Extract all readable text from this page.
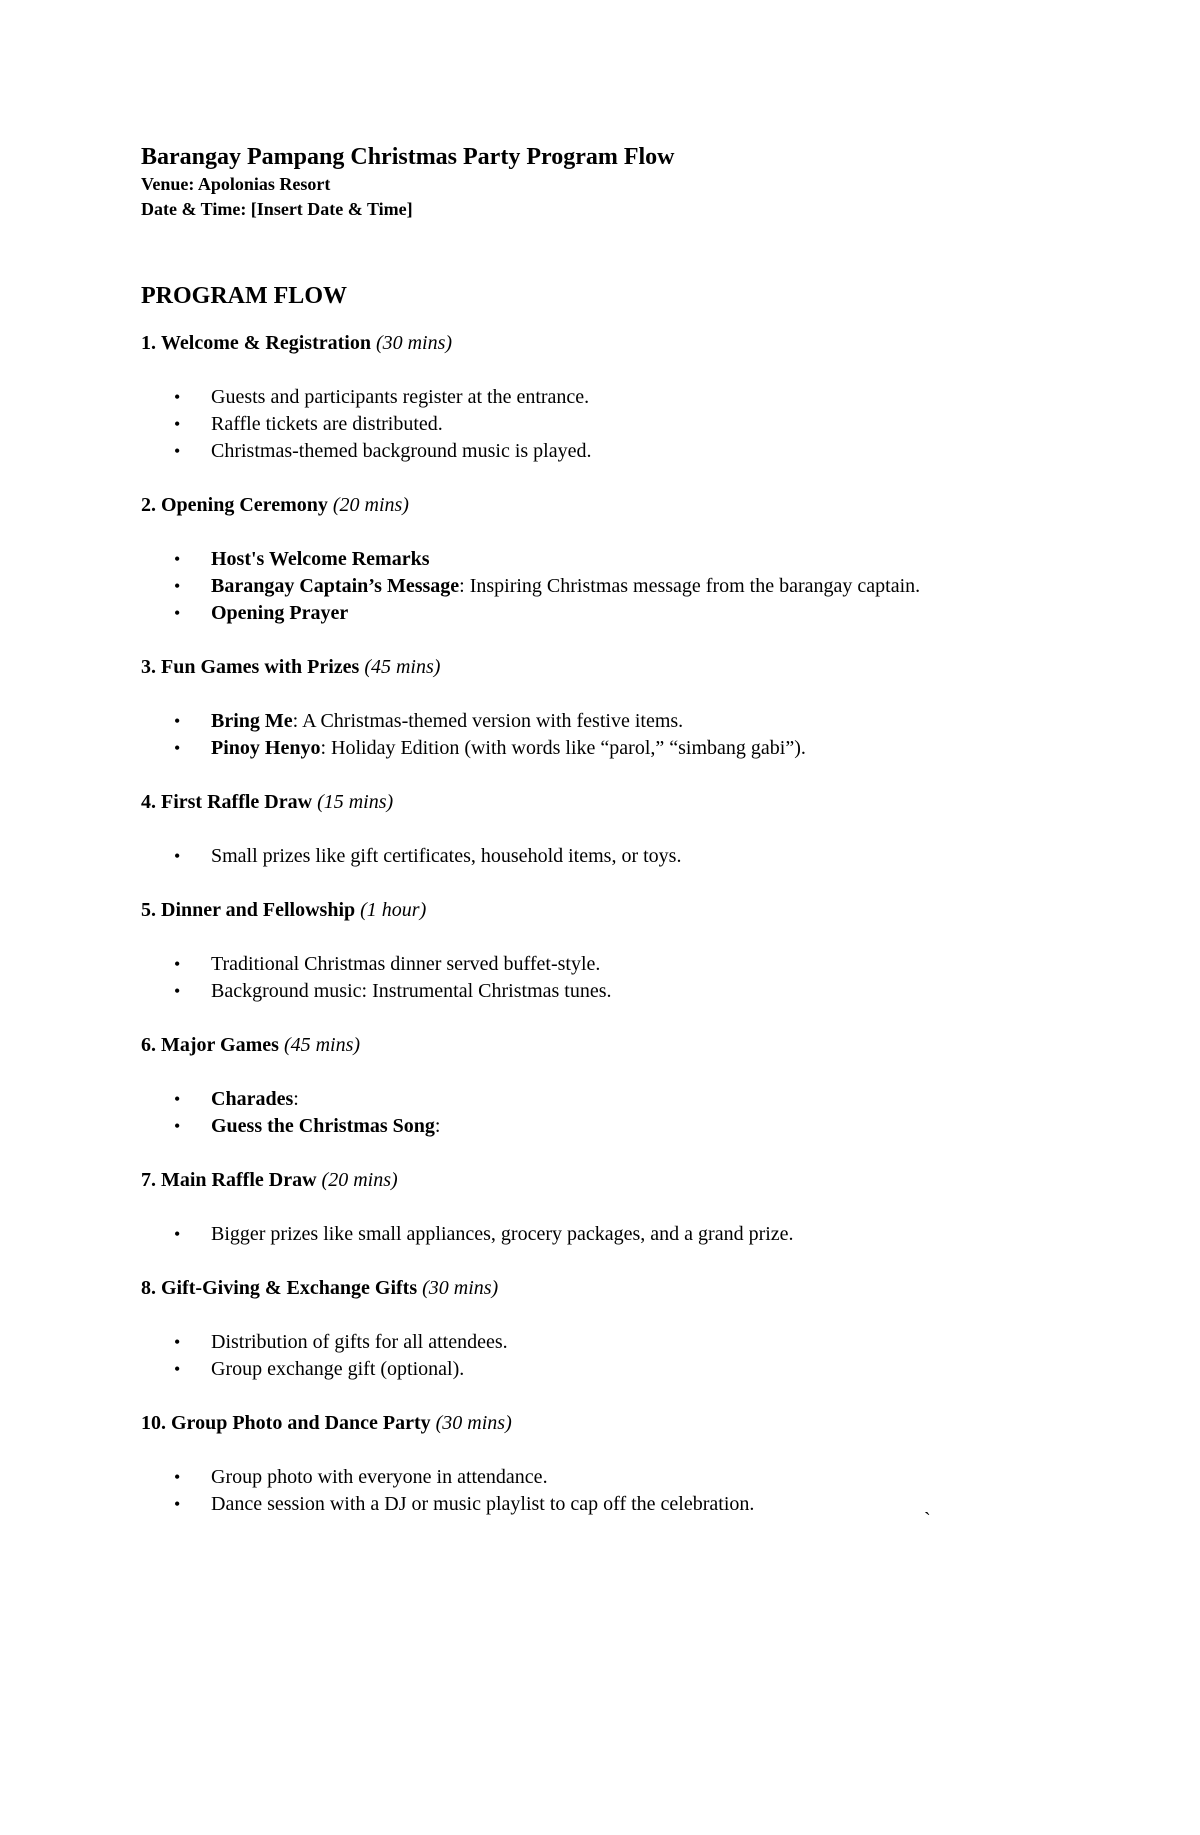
Barangay Pampang Christmas Party Program Flow

Venue: Apolonias Resort

Date & Time: [Insert Date & Time]

PROGRAM FLOW

1. Welcome & Registration (30 mins)

• Guests and participants register at the entrance.
• Raffle tickets are distributed.
• Christmas-themed background music is played.

2. Opening Ceremony (20 mins)

• Host's Welcome Remarks
• Barangay Captain’s Message: Inspiring Christmas message from the barangay captain.
• Opening Prayer

3. Fun Games with Prizes (45 mins)

• Bring Me: A Christmas-themed version with festive items.
• Pinoy Henyo: Holiday Edition (with words like “parol,” “simbang gabi”).

4. First Raffle Draw (15 mins)

• Small prizes like gift certificates, household items, or toys.

5. Dinner and Fellowship (1 hour)

• Traditional Christmas dinner served buffet-style.
• Background music: Instrumental Christmas tunes.

6. Major Games (45 mins)

• Charades:
• Guess the Christmas Song:

7. Main Raffle Draw (20 mins)

• Bigger prizes like small appliances, grocery packages, and a grand prize.

8. Gift-Giving & Exchange Gifts (30 mins)

• Distribution of gifts for all attendees.
• Group exchange gift (optional).

10. Group Photo and Dance Party (30 mins)

• Group photo with everyone in attendance.
• Dance session with a DJ or music playlist to cap off the celebration.
`
